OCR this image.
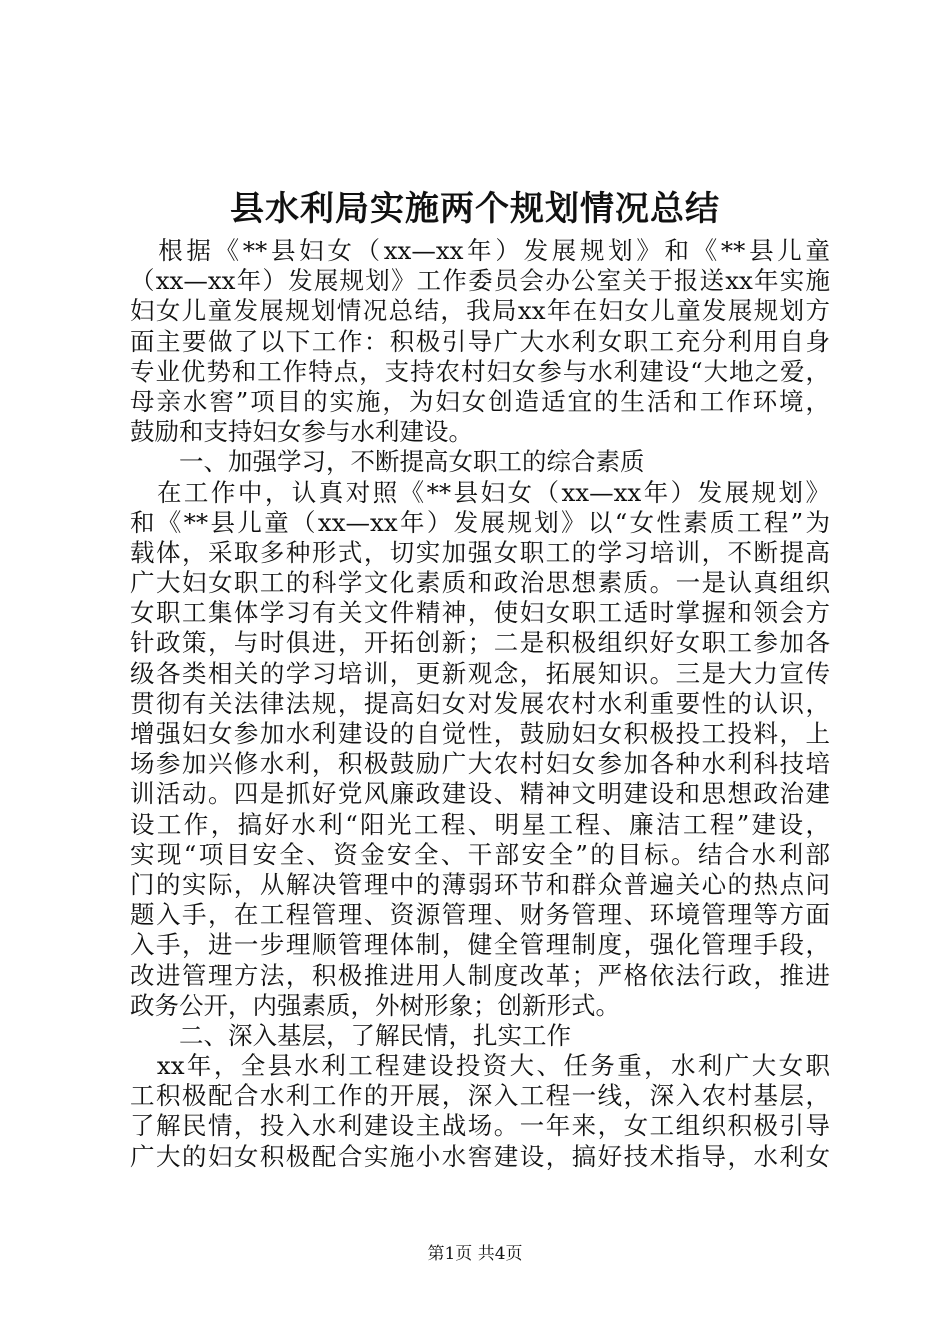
县水利局实施两个规划情况总结
　根据《**县妇女（xx—xx年）发展规划》和《**县儿童
（xx—xx年）发展规划》工作委员会办公室关于报送xx年实施
妇女儿童发展规划情况总结，我局xx年在妇女儿童发展规划方
面主要做了以下工作：积极引导广大水利女职工充分利用自身
专业优势和工作特点，支持农村妇女参与水利建设“大地之爱，
母亲水窖”项目的实施，为妇女创造适宜的生活和工作环境，
鼓励和支持妇女参与水利建设。
　　一、加强学习，不断提高女职工的综合素质
　在工作中，认真对照《**县妇女（xx—xx年）发展规划》
和《**县儿童（xx—xx年）发展规划》以“女性素质工程”为
载体，采取多种形式，切实加强女职工的学习培训，不断提高
广大妇女职工的科学文化素质和政治思想素质。一是认真组织
女职工集体学习有关文件精神，使妇女职工适时掌握和领会方
针政策，与时俱进，开拓创新；二是积极组织好女职工参加各
级各类相关的学习培训，更新观念，拓展知识。三是大力宣传
贯彻有关法律法规，提高妇女对发展农村水利重要性的认识，
增强妇女参加水利建设的自觉性，鼓励妇女积极投工投料，上
场参加兴修水利，积极鼓励广大农村妇女参加各种水利科技培
训活动。四是抓好党风廉政建设、精神文明建设和思想政治建
设工作，搞好水利“阳光工程、明星工程、廉洁工程”建设，
实现“项目安全、资金安全、干部安全”的目标。结合水利部
门的实际，从解决管理中的薄弱环节和群众普遍关心的热点问
题入手，在工程管理、资源管理、财务管理、环境管理等方面
入手，进一步理顺管理体制，健全管理制度，强化管理手段，
改进管理方法，积极推进用人制度改革；严格依法行政，推进
政务公开，内强素质，外树形象；创新形式。
　　二、深入基层，了解民情，扎实工作
　xx年，全县水利工程建设投资大、任务重，水利广大女职
工积极配合水利工作的开展，深入工程一线，深入农村基层，
了解民情，投入水利建设主战场。一年来，女工组织积极引导
广大的妇女积极配合实施小水窖建设，搞好技术指导，水利女
第1页 共4页
